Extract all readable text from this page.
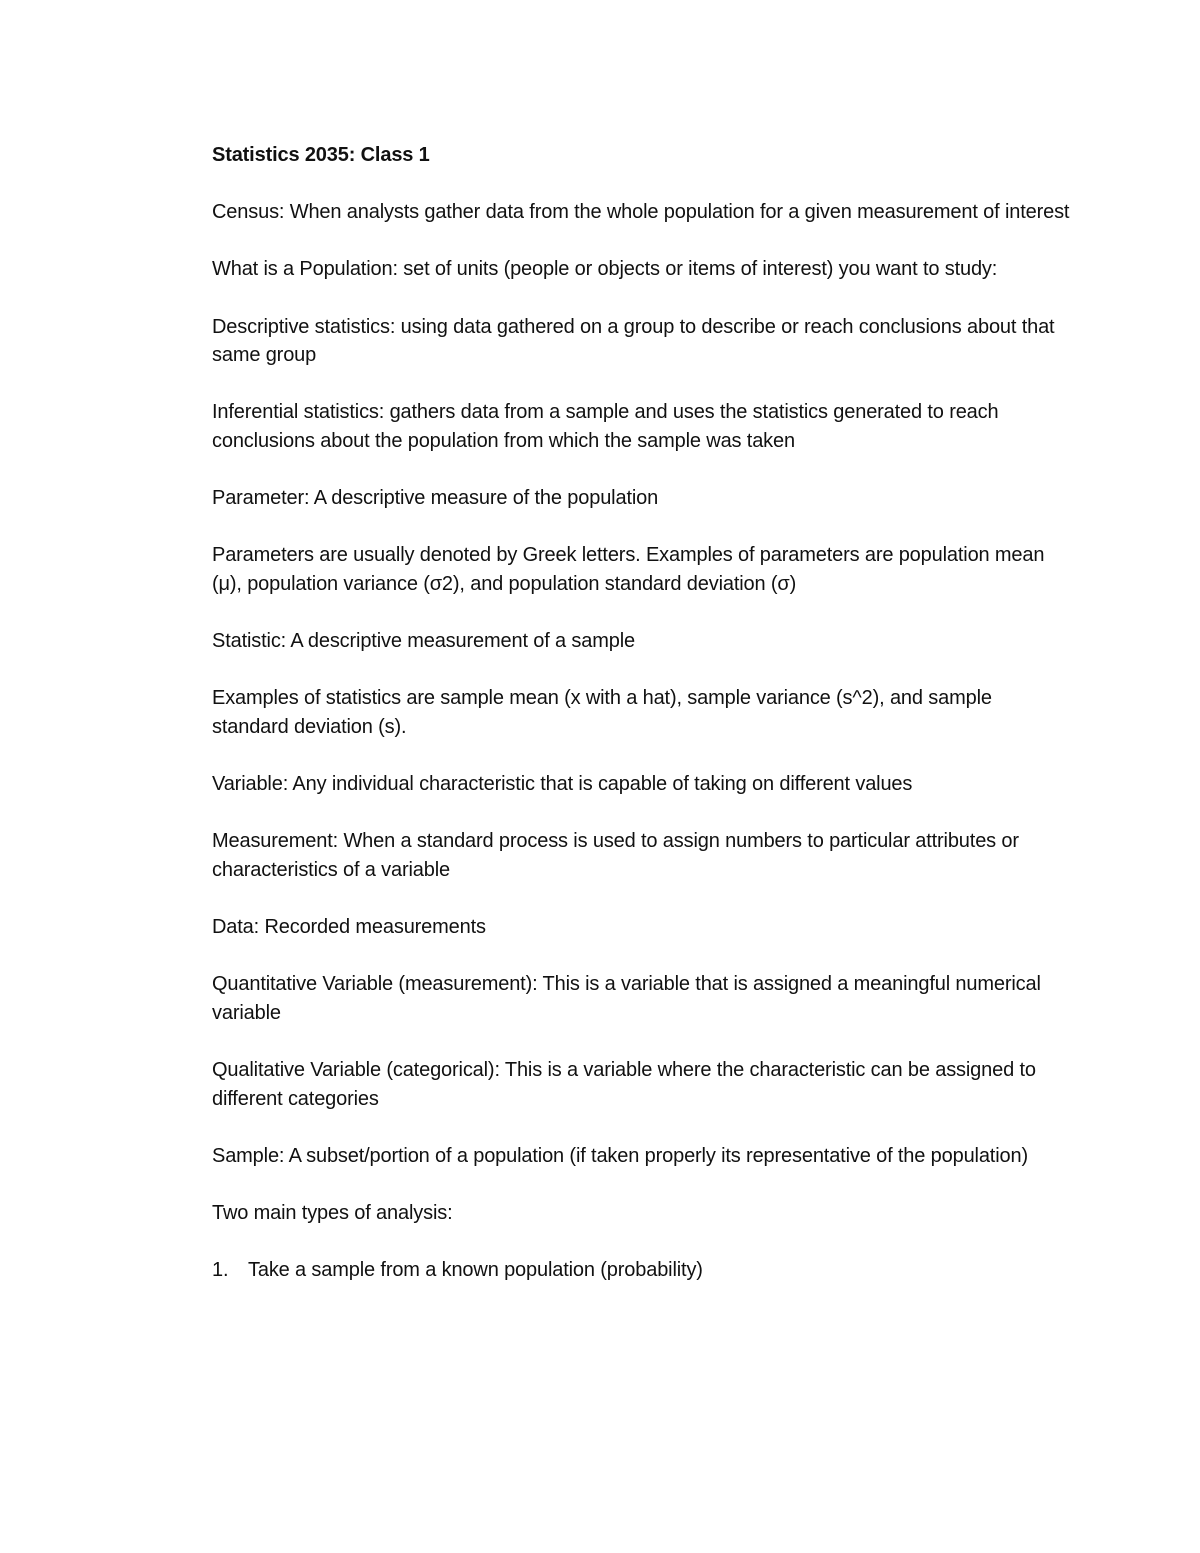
Statistics 2035: Class 1
Census: When analysts gather data from the whole population for a given measurement of interest
What is a Population: set of units (people or objects or items of interest) you want to study:
Descriptive statistics: using data gathered on a group to describe or reach conclusions about that same group
Inferential statistics: gathers data from a sample and uses the statistics generated to reach conclusions about the population from which the sample was taken
Parameter: A descriptive measure of the population
Parameters are usually denoted by Greek letters. Examples of parameters are population mean (μ), population variance (σ2), and population standard deviation (σ)
Statistic: A descriptive measurement of a sample
Examples of statistics are sample mean (x with a hat), sample variance (s^2), and sample standard deviation (s).
Variable: Any individual characteristic that is capable of taking on different values
Measurement: When a standard process is used to assign numbers to particular attributes or characteristics of a variable
Data: Recorded measurements
Quantitative Variable (measurement): This is a variable that is assigned a meaningful numerical variable
Qualitative Variable (categorical): This is a variable where the characteristic can be assigned to different categories
Sample: A subset/portion of a population (if taken properly its representative of the population)
Two main types of analysis:
1. Take a sample from a known population (probability)
